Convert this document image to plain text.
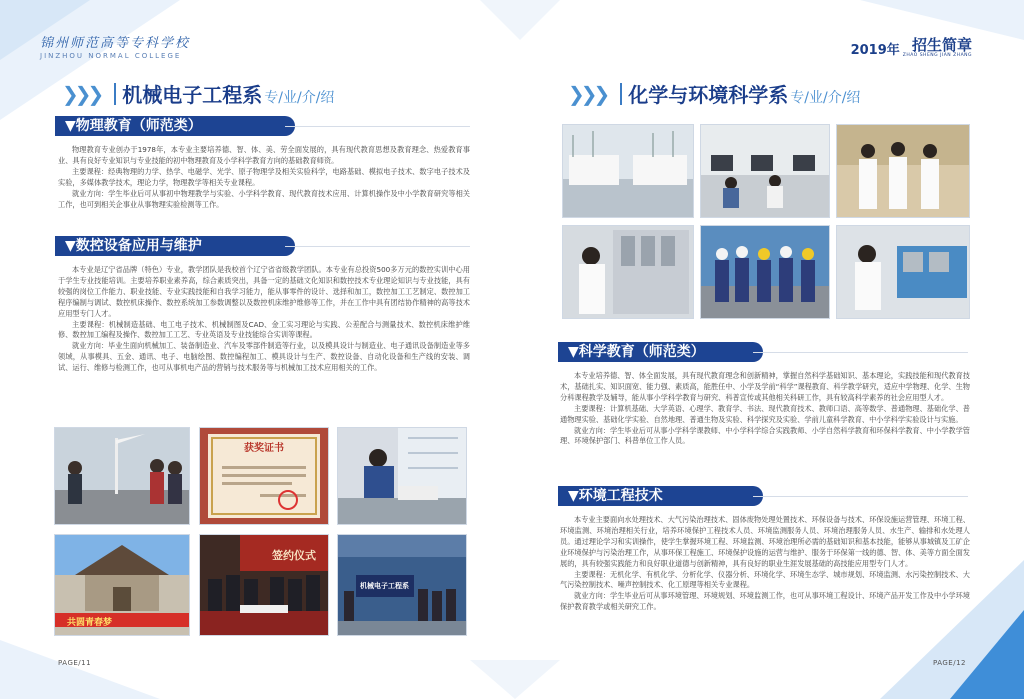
锦州师范高等专科学校
JINZHOU NORMAL COLLEGE	2019年 招生简章
ZHAO SHENG JIAN ZHANG
❯❯❯ 机械电子工程系 专/业/介/绍
▼物理教育（师范类）

物理教育专业创办于1978年，本专业主要培养德、智、体、美、劳全面发展的，具有现代教育思想及教育理念、热爱教育事业、具有良好专业知识与专业技能的初中物理教育及小学科学教育方向的基础教育师资。

主要课程：经典物理的力学、热学、电磁学、光学、原子物理学及相关实验科学，电路基础、模拟电子技术、数字电子技术及实验，多媒体教学技术，理论力学，物理教学等相关专业课程。

就业方向：学生毕业后可从事初中物理教学与实验、小学科学教育、现代教育技术应用、计算机操作及中小学教育研究等相关工作，也可到相关企事业从事物理实验检测等工作。

▼数控设备应用与维护

本专业是辽宁省品牌（特色）专业，教学团队是我校首个辽宁省省级教学团队。本专业有总投资500多万元的数控实训中心用于学生专业技能培训。主要培养职业素养高，综合素质突出，具备一定的基础文化知识和数控技术专业理论知识与专业技能，具有较强的岗位工作能力、职业技能、专业实践技能和自我学习能力，能从事零件的设计、选择和加工，数控加工工艺制定、数控加工程序编制与调试、数控机床操作、数控系统加工参数调整以及数控机床维护维修等工作，并在工作中具有团结协作精神的高等技术应用型专门人才。

主要课程：机械制造基础、电工电子技术、机械制图及CAD、金工实习理论与实践、公差配合与测量技术、数控机床维护维修、数控加工编程及操作、数控加工工艺、专业英语及专业技能综合实训等课程。

就业方向：毕业生面向机械加工、装备制造业、汽车及零部件制造等行业，以及模具设计与制造业、电子通讯设备制造业等多领域，从事模具、五金、通讯、电子、电脑绘图、数控编程加工、模具设计与生产、数控设备、自动化设备和生产线的安装、调试、运行、维修与检测工作，也可从事机电产品的营销与技术服务等与机械加工技术应用相关的工作。

获奖证书
共圆青春梦
签约仪式
机械电子工程系
PAGE/11
❯❯❯ 化学与环境科学系 专/业/介/绍
▼科学教育（师范类）

本专业培养德、智、体全面发展，具有现代教育理念和创新精神，掌握自然科学基础知识、基本理论，实践技能和现代教育技术，基础扎实、知识面宽、能力强、素质高，能胜任中、小学及学前“科学”课程教育、科学教学研究，适应中学物理、化学、生物分科课程教学及辅导，能从事小学科学教育与研究、科普宣传或其他相关科研工作，具有较高科学素养的社会应用型人才。

主要课程：计算机基础、大学英语、心理学、教育学、书法、现代教育技术、教师口语、高等数学、普通物理、基础化学、普通物理实验、基础化学实验、自然地理、普通生物及实验、科学探究及实验、学前儿童科学教育、中小学科学实验设计与实施。

就业方向：学生毕业后可从事小学科学课教师、中小学科学综合实践教师、小学自然科学教育和环保科学教育、中小学教学管理、环境保护部门、科普单位工作人员。

▼环境工程技术

本专业主要面向水处理技术、大气污染治理技术、固体废物处理处置技术、环保设备与技术、环保设施运营管理、环境工程、环境监测、环境治理相关行业，培养环境保护工程技术人员、环境监测服务人员、环境治理服务人员、水生产、输排和水处理人员。通过理论学习和实训操作，使学生掌握环境工程、环境监测、环境治理所必需的基础知识和基本技能，能够从事城镇及工矿企业环境保护与污染治理工作，从事环保工程施工、环境保护设施的运营与维护、服务于环保第一线的德、智、体、美等方面全面发展的，具有较强实践能力和良好职业道德与创新精神，具有良好的职业生涯发展基础的高技能应用型专门人才。

主要课程：无机化学、有机化学、分析化学、仪器分析、环境化学、环境生态学、城市规划、环境监测、水污染控制技术、大气污染控制技术、噪声控制技术、化工原理等相关专业课程。

就业方向：学生毕业后可从事环境管理、环境规划、环境监测工作，也可从事环境工程设计、环境产品开发工作及中小学环境保护教育教学或相关研究工作。

PAGE/12
